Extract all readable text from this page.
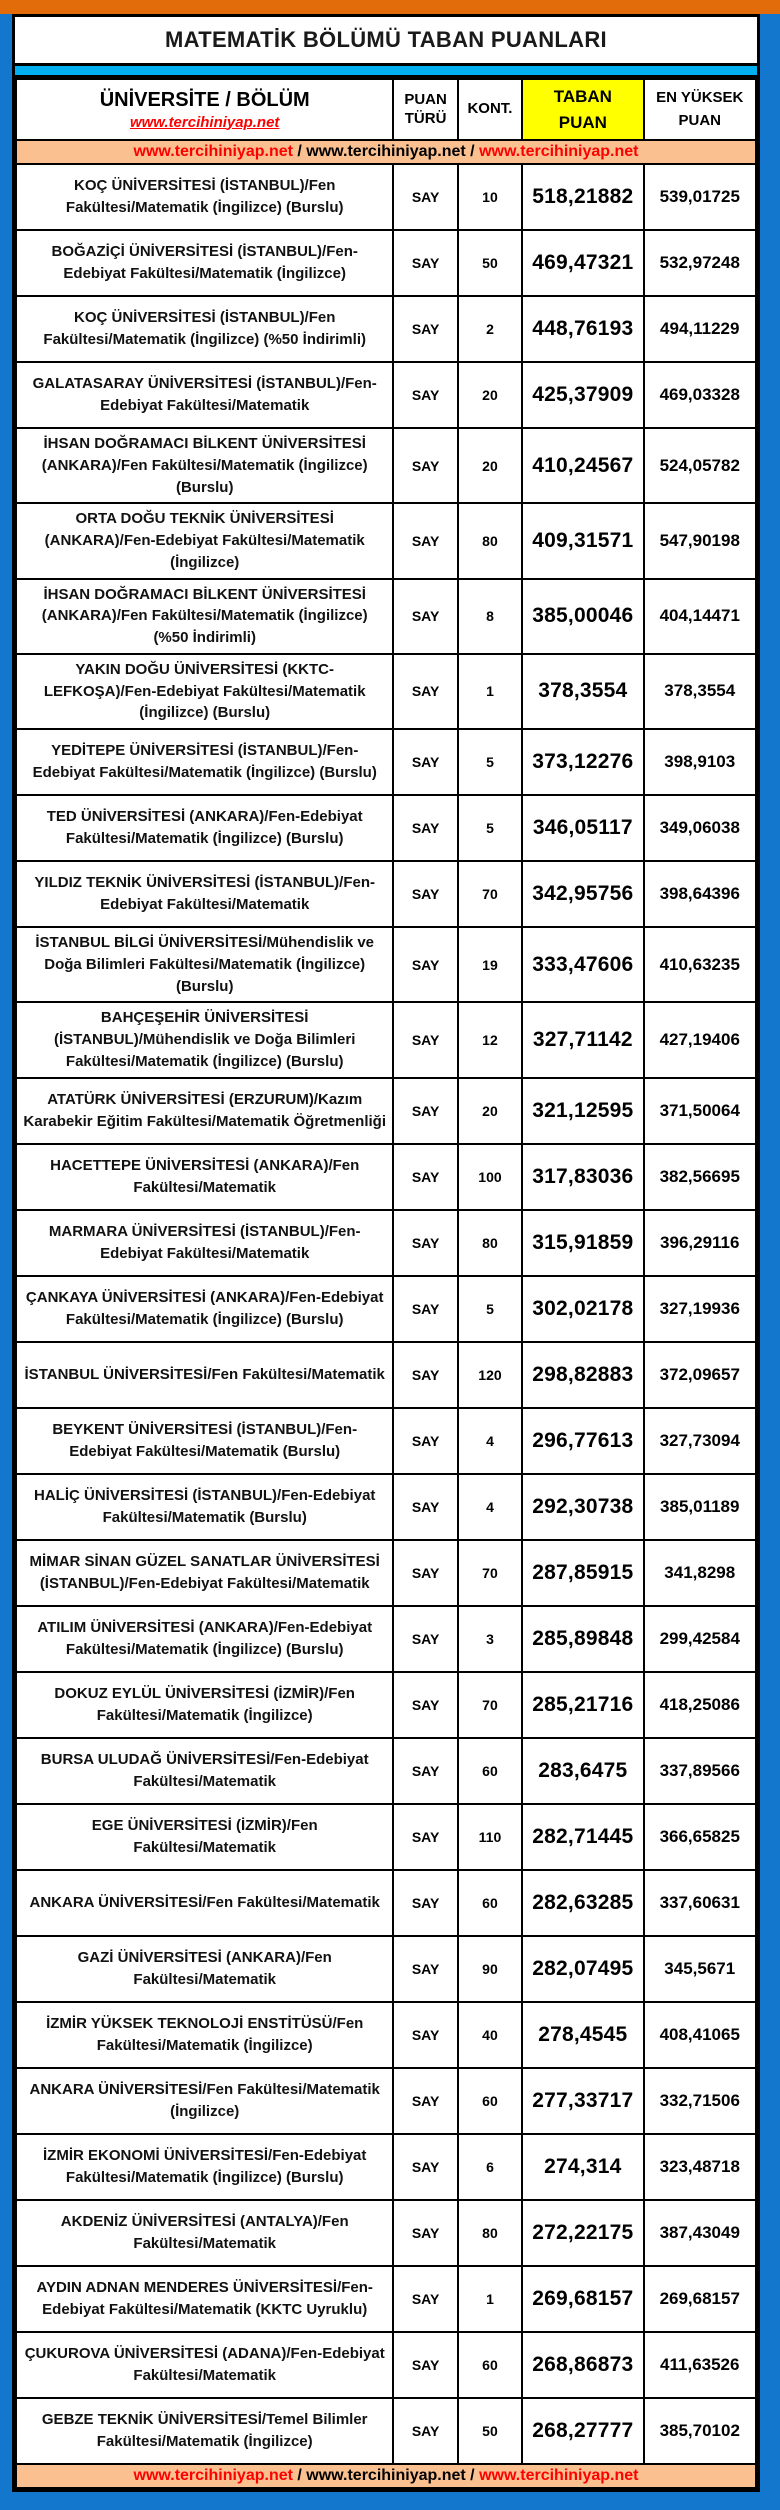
MATEMATİK BÖLÜMÜ TABAN PUANLARI
ÜNİVERSİTE / BÖLÜM
www.tercihiniyap.net	PUAN TÜRÜ	KONT.	TABAN PUAN	EN YÜKSEK PUAN
www.tercihiniyap.net / www.tercihiniyap.net / www.tercihiniyap.net				
KOÇ ÜNİVERSİTESİ (İSTANBUL)/Fen Fakültesi/Matematik (İngilizce) (Burslu)	SAY	10	518,21882	539,01725
BOĞAZİÇİ ÜNİVERSİTESİ (İSTANBUL)/Fen-Edebiyat Fakültesi/Matematik (İngilizce)	SAY	50	469,47321	532,97248
KOÇ ÜNİVERSİTESİ (İSTANBUL)/Fen Fakültesi/Matematik (İngilizce) (%50 İndirimli)	SAY	2	448,76193	494,11229
GALATASARAY ÜNİVERSİTESİ (İSTANBUL)/Fen-Edebiyat Fakültesi/Matematik	SAY	20	425,37909	469,03328
İHSAN DOĞRAMACI BİLKENT ÜNİVERSİTESİ (ANKARA)/Fen Fakültesi/Matematik (İngilizce) (Burslu)	SAY	20	410,24567	524,05782
ORTA DOĞU TEKNİK ÜNİVERSİTESİ (ANKARA)/Fen-Edebiyat Fakültesi/Matematik (İngilizce)	SAY	80	409,31571	547,90198
İHSAN DOĞRAMACI BİLKENT ÜNİVERSİTESİ (ANKARA)/Fen Fakültesi/Matematik (İngilizce) (%50 İndirimli)	SAY	8	385,00046	404,14471
YAKIN DOĞU ÜNİVERSİTESİ (KKTC-LEFKOŞA)/Fen-Edebiyat Fakültesi/Matematik (İngilizce) (Burslu)	SAY	1	378,3554	378,3554
YEDİTEPE ÜNİVERSİTESİ (İSTANBUL)/Fen-Edebiyat Fakültesi/Matematik (İngilizce) (Burslu)	SAY	5	373,12276	398,9103
TED ÜNİVERSİTESİ (ANKARA)/Fen-Edebiyat Fakültesi/Matematik (İngilizce) (Burslu)	SAY	5	346,05117	349,06038
YILDIZ TEKNİK ÜNİVERSİTESİ (İSTANBUL)/Fen-Edebiyat Fakültesi/Matematik	SAY	70	342,95756	398,64396
İSTANBUL BİLGİ ÜNİVERSİTESİ/Mühendislik ve Doğa Bilimleri Fakültesi/Matematik (İngilizce) (Burslu)	SAY	19	333,47606	410,63235
BAHÇEŞEHİR ÜNİVERSİTESİ (İSTANBUL)/Mühendislik ve Doğa Bilimleri Fakültesi/Matematik (İngilizce) (Burslu)	SAY	12	327,71142	427,19406
ATATÜRK ÜNİVERSİTESİ (ERZURUM)/Kazım Karabekir Eğitim Fakültesi/Matematik Öğretmenliği	SAY	20	321,12595	371,50064
HACETTEPE ÜNİVERSİTESİ (ANKARA)/Fen Fakültesi/Matematik	SAY	100	317,83036	382,56695
MARMARA ÜNİVERSİTESİ (İSTANBUL)/Fen-Edebiyat Fakültesi/Matematik	SAY	80	315,91859	396,29116
ÇANKAYA ÜNİVERSİTESİ (ANKARA)/Fen-Edebiyat Fakültesi/Matematik (İngilizce) (Burslu)	SAY	5	302,02178	327,19936
İSTANBUL ÜNİVERSİTESİ/Fen Fakültesi/Matematik	SAY	120	298,82883	372,09657
BEYKENT ÜNİVERSİTESİ (İSTANBUL)/Fen-Edebiyat Fakültesi/Matematik (Burslu)	SAY	4	296,77613	327,73094
HALİÇ ÜNİVERSİTESİ (İSTANBUL)/Fen-Edebiyat Fakültesi/Matematik (Burslu)	SAY	4	292,30738	385,01189
MİMAR SİNAN GÜZEL SANATLAR ÜNİVERSİTESİ (İSTANBUL)/Fen-Edebiyat Fakültesi/Matematik	SAY	70	287,85915	341,8298
ATILIM ÜNİVERSİTESİ (ANKARA)/Fen-Edebiyat Fakültesi/Matematik (İngilizce) (Burslu)	SAY	3	285,89848	299,42584
DOKUZ EYLÜL ÜNİVERSİTESİ (İZMİR)/Fen Fakültesi/Matematik (İngilizce)	SAY	70	285,21716	418,25086
BURSA ULUDAĞ ÜNİVERSİTESİ/Fen-Edebiyat Fakültesi/Matematik	SAY	60	283,6475	337,89566
EGE ÜNİVERSİTESİ (İZMİR)/Fen Fakültesi/Matematik	SAY	110	282,71445	366,65825
ANKARA ÜNİVERSİTESİ/Fen Fakültesi/Matematik	SAY	60	282,63285	337,60631
GAZİ ÜNİVERSİTESİ (ANKARA)/Fen Fakültesi/Matematik	SAY	90	282,07495	345,5671
İZMİR YÜKSEK TEKNOLOJİ ENSTİTÜSÜ/Fen Fakültesi/Matematik (İngilizce)	SAY	40	278,4545	408,41065
ANKARA ÜNİVERSİTESİ/Fen Fakültesi/Matematik (İngilizce)	SAY	60	277,33717	332,71506
İZMİR EKONOMİ ÜNİVERSİTESİ/Fen-Edebiyat Fakültesi/Matematik (İngilizce) (Burslu)	SAY	6	274,314	323,48718
AKDENİZ ÜNİVERSİTESİ (ANTALYA)/Fen Fakültesi/Matematik	SAY	80	272,22175	387,43049
AYDIN ADNAN MENDERES ÜNİVERSİTESİ/Fen-Edebiyat Fakültesi/Matematik (KKTC Uyruklu)	SAY	1	269,68157	269,68157
ÇUKUROVA ÜNİVERSİTESİ (ADANA)/Fen-Edebiyat Fakültesi/Matematik	SAY	60	268,86873	411,63526
GEBZE TEKNİK ÜNİVERSİTESİ/Temel Bilimler Fakültesi/Matematik (İngilizce)	SAY	50	268,27777	385,70102
www.tercihiniyap.net / www.tercihiniyap.net / www.tercihiniyap.net				
